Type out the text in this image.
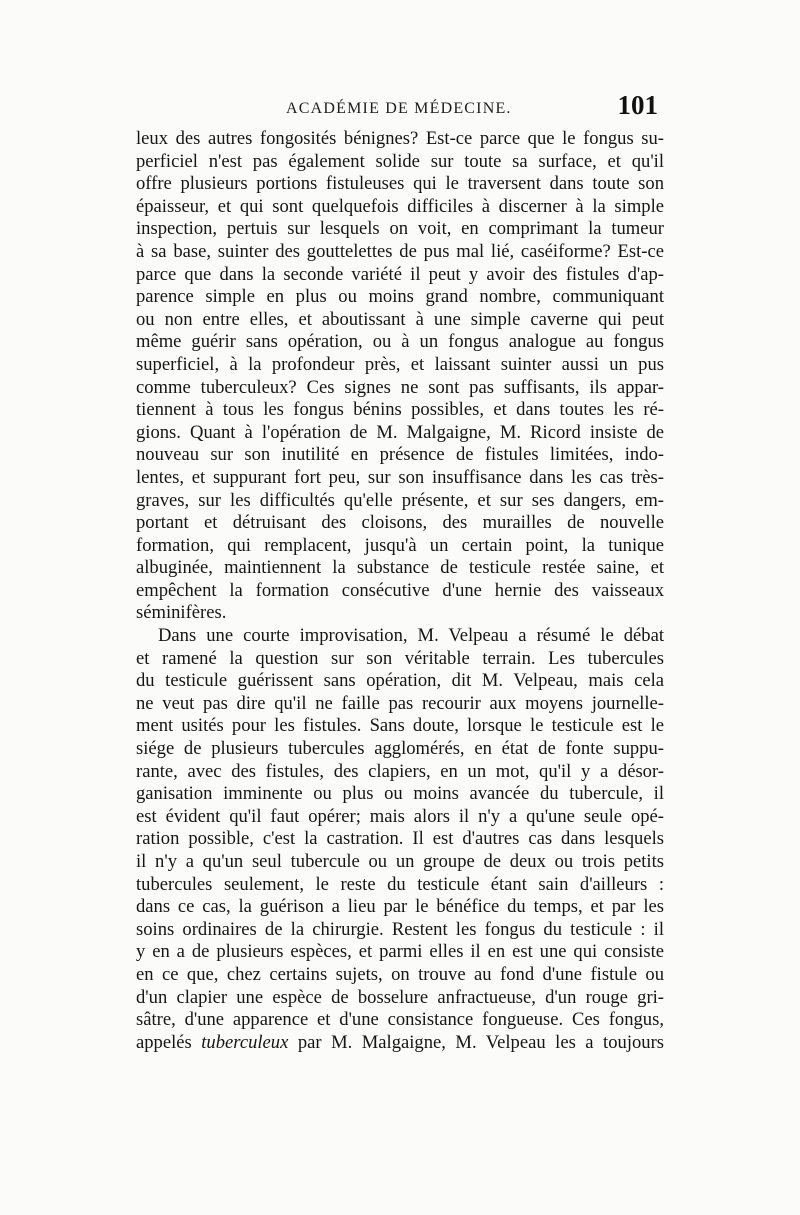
ACADÉMIE DE MÉDECINE.	101
leux des autres fongosités bénignes? Est-ce parce que le fongus su-
perficiel n'est pas également solide sur toute sa surface, et qu'il
offre plusieurs portions fistuleuses qui le traversent dans toute son
épaisseur, et qui sont quelquefois difficiles à discerner à la simple
inspection, pertuis sur lesquels on voit, en comprimant la tumeur
à sa base, suinter des gouttelettes de pus mal lié, caséiforme? Est-ce
parce que dans la seconde variété il peut y avoir des fistules d'ap-
parence simple en plus ou moins grand nombre, communiquant
ou non entre elles, et aboutissant à une simple caverne qui peut
même guérir sans opération, ou à un fongus analogue au fongus
superficiel, à la profondeur près, et laissant suinter aussi un pus
comme tuberculeux? Ces signes ne sont pas suffisants, ils appar-
tiennent à tous les fongus bénins possibles, et dans toutes les ré-
gions. Quant à l'opération de M. Malgaigne, M. Ricord insiste de
nouveau sur son inutilité en présence de fistules limitées, indo-
lentes, et suppurant fort peu, sur son insuffisance dans les cas très-
graves, sur les difficultés qu'elle présente, et sur ses dangers, em-
portant et détruisant des cloisons, des murailles de nouvelle
formation, qui remplacent, jusqu'à un certain point, la tunique
albuginée, maintiennent la substance de testicule restée saine, et
empêchent la formation consécutive d'une hernie des vaisseaux
séminifères.
Dans une courte improvisation, M. Velpeau a résumé le débat
et ramené la question sur son véritable terrain. Les tubercules
du testicule guérissent sans opération, dit M. Velpeau, mais cela
ne veut pas dire qu'il ne faille pas recourir aux moyens journelle-
ment usités pour les fistules. Sans doute, lorsque le testicule est le
siége de plusieurs tubercules agglomérés, en état de fonte suppu-
rante, avec des fistules, des clapiers, en un mot, qu'il y a désor-
ganisation imminente ou plus ou moins avancée du tubercule, il
est évident qu'il faut opérer; mais alors il n'y a qu'une seule opé-
ration possible, c'est la castration. Il est d'autres cas dans lesquels
il n'y a qu'un seul tubercule ou un groupe de deux ou trois petits
tubercules seulement, le reste du testicule étant sain d'ailleurs :
dans ce cas, la guérison a lieu par le bénéfice du temps, et par les
soins ordinaires de la chirurgie. Restent les fongus du testicule : il
y en a de plusieurs espèces, et parmi elles il en est une qui consiste
en ce que, chez certains sujets, on trouve au fond d'une fistule ou
d'un clapier une espèce de bosselure anfractueuse, d'un rouge gri-
sâtre, d'une apparence et d'une consistance fongueuse. Ces fongus,
appelés tuberculeux par M. Malgaigne, M. Velpeau les a toujours
